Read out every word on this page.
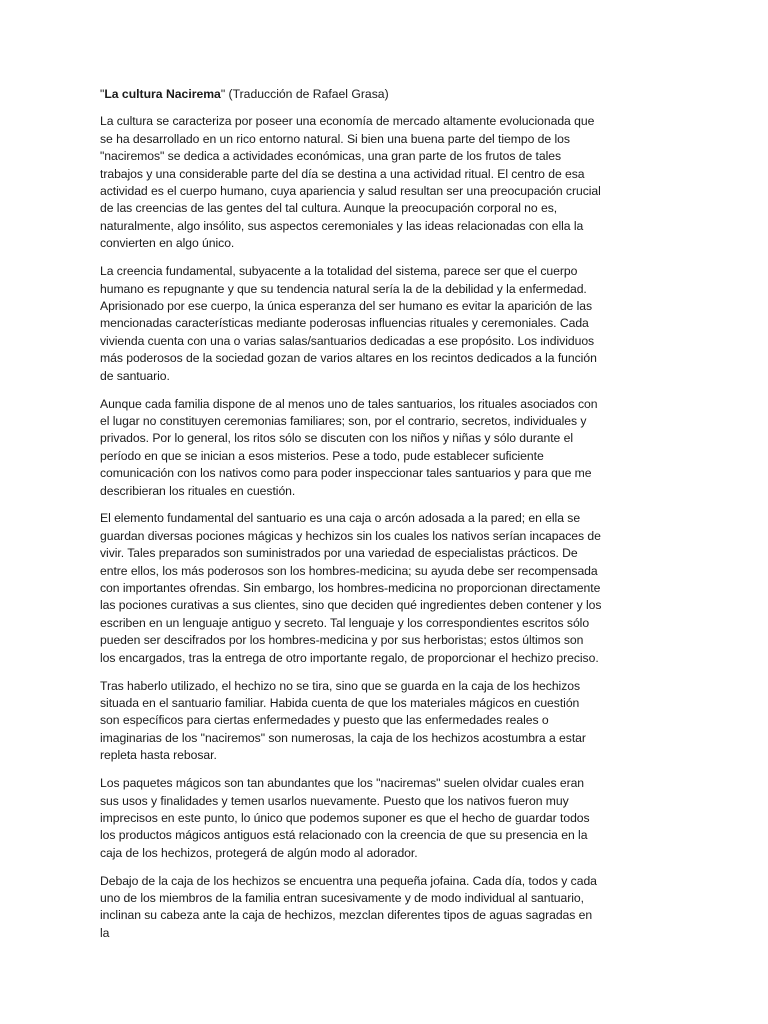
"La cultura Nacirema" (Traducción de Rafael Grasa)

La cultura se caracteriza por poseer una economía de mercado altamente evolucionada que se ha desarrollado en un rico entorno natural. Si bien una buena parte del tiempo de los "naciremos" se dedica a actividades económicas, una gran parte de los frutos de tales trabajos y una considerable parte del día se destina a una actividad ritual. El centro de esa actividad es el cuerpo humano, cuya apariencia y salud resultan ser una preocupación crucial de las creencias de las gentes del tal cultura. Aunque la preocupación corporal no es, naturalmente, algo insólito, sus aspectos ceremoniales y las ideas relacionadas con ella la convierten en algo único.

La creencia fundamental, subyacente a la totalidad del sistema, parece ser que el cuerpo humano es repugnante y que su tendencia natural sería la de la debilidad y la enfermedad. Aprisionado por ese cuerpo, la única esperanza del ser humano es evitar la aparición de las mencionadas características mediante poderosas influencias rituales y ceremoniales. Cada vivienda cuenta con una o varias salas/santuarios dedicadas a ese propósito. Los individuos más poderosos de la sociedad gozan de varios altares en los recintos dedicados a la función de santuario.

Aunque cada familia dispone de al menos uno de tales santuarios, los rituales asociados con el lugar no constituyen ceremonias familiares; son, por el contrario, secretos, individuales y privados. Por lo general, los ritos sólo se discuten con los niños y niñas y sólo durante el período en que se inician a esos misterios. Pese a todo, pude establecer suficiente comunicación con los nativos como para poder inspeccionar tales santuarios y para que me describieran los rituales en cuestión.

El elemento fundamental del santuario es una caja o arcón adosada a la pared; en ella se guardan diversas pociones mágicas y hechizos sin los cuales los nativos serían incapaces de vivir. Tales preparados son suministrados por una variedad de especialistas prácticos. De entre ellos, los más poderosos son los hombres-medicina; su ayuda debe ser recompensada con importantes ofrendas. Sin embargo, los hombres-medicina no proporcionan directamente las pociones curativas a sus clientes, sino que deciden qué ingredientes deben contener y los escriben en un lenguaje antiguo y secreto. Tal lenguaje y los correspondientes escritos sólo pueden ser descifrados por los hombres-medicina y por sus herboristas; estos últimos son los encargados, tras la entrega de otro importante regalo, de proporcionar el hechizo preciso.

Tras haberlo utilizado, el hechizo no se tira, sino que se guarda en la caja de los hechizos situada en el santuario familiar. Habida cuenta de que los materiales mágicos en cuestión son específicos para ciertas enfermedades y puesto que las enfermedades reales o imaginarias de los "naciremos" son numerosas, la caja de los hechizos acostumbra a estar repleta hasta rebosar.

Los paquetes mágicos son tan abundantes que los "naciremas" suelen olvidar cuales eran sus usos y finalidades y temen usarlos nuevamente. Puesto que los nativos fueron muy imprecisos en este punto, lo único que podemos suponer es que el hecho de guardar todos los productos mágicos antiguos está relacionado con la creencia de que su presencia en la caja de los hechizos, protegerá de algún modo al adorador.

Debajo de la caja de los hechizos se encuentra una pequeña jofaina. Cada día, todos y cada uno de los miembros de la familia entran sucesivamente y de modo individual al santuario, inclinan su cabeza ante la caja de hechizos, mezclan diferentes tipos de aguas sagradas en la
